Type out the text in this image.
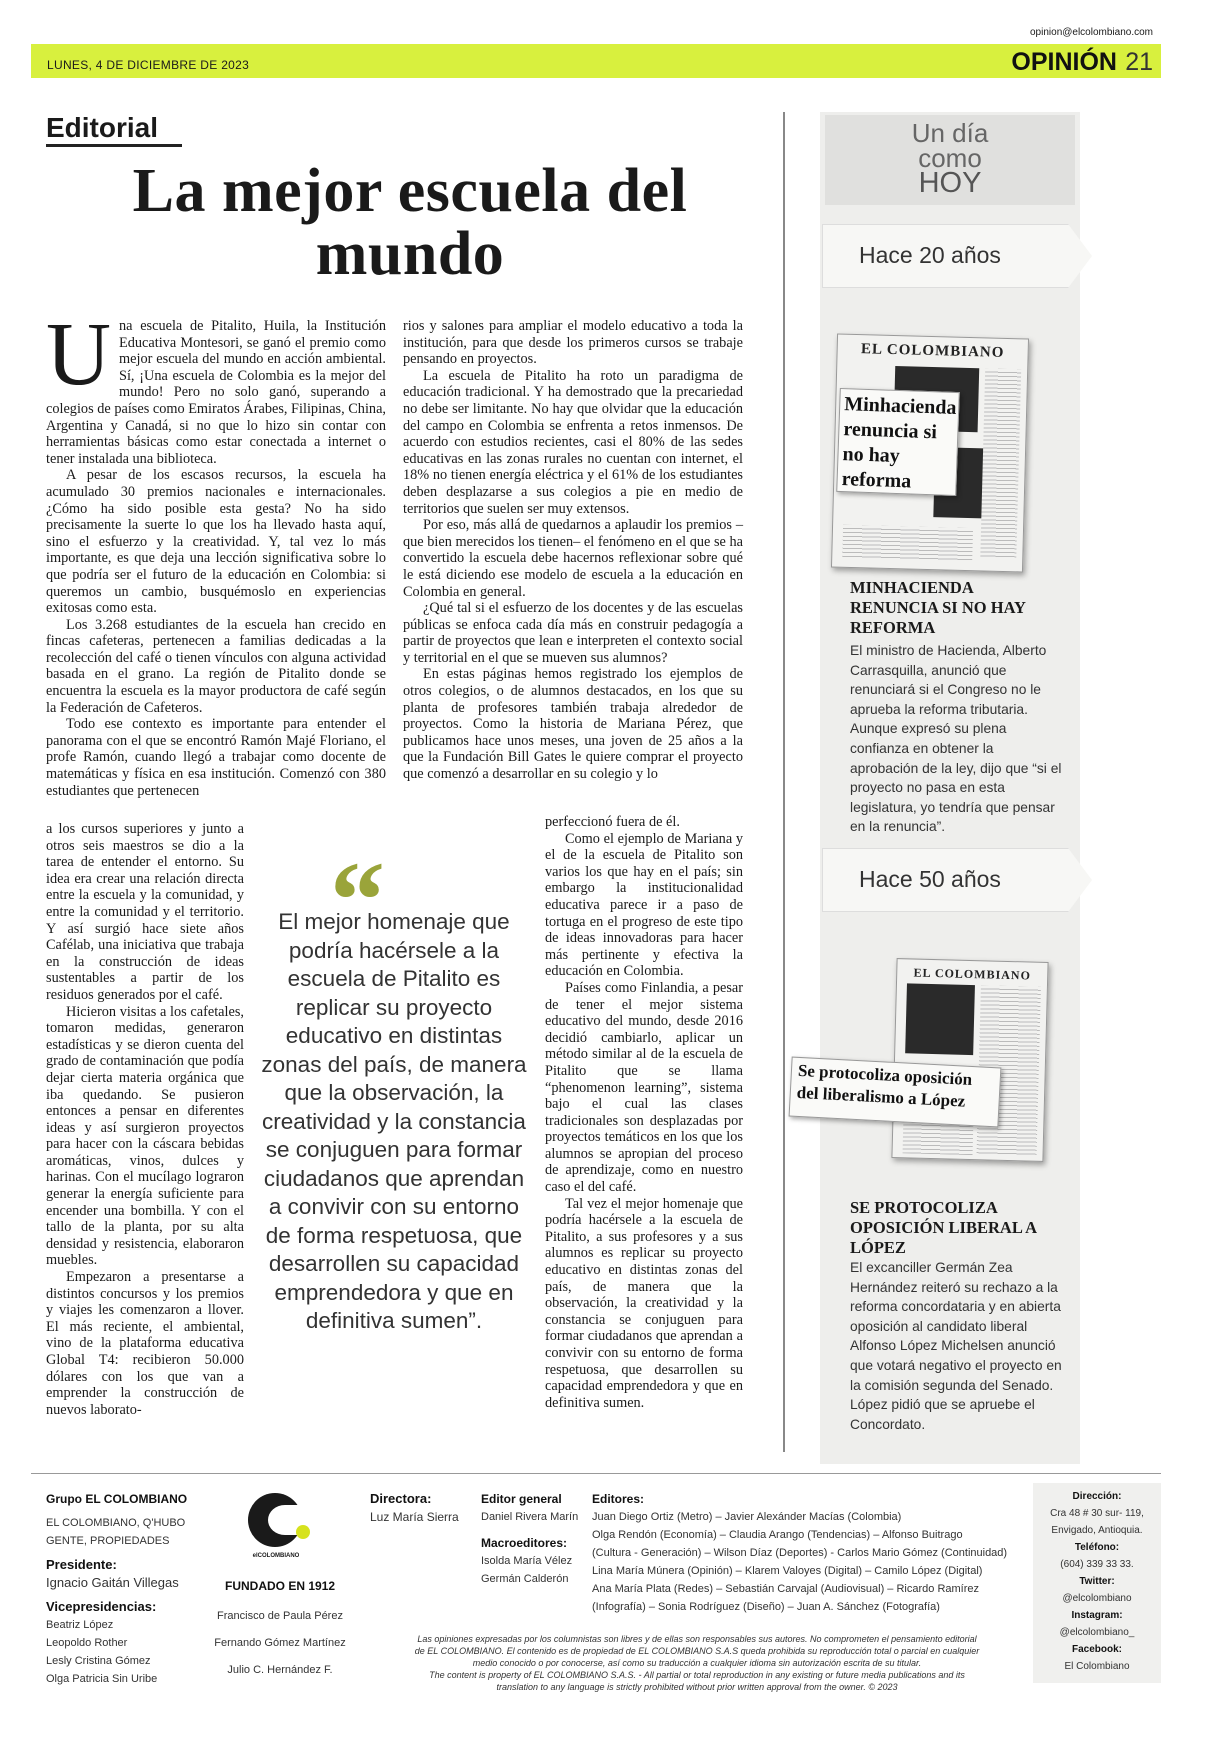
opinion@elcolombiano.com
LUNES, 4 DE DICIEMBRE DE 2023	OPINIÓN 21
Editorial
La mejor escuela del mundo

Una escuela de Pitalito, Huila, la Institución Educativa Montesori, se ganó el premio como mejor escuela del mundo en acción ambiental. Sí, ¡Una escuela de Colombia es la mejor del mundo! Pero no solo ganó, superando a colegios de países como Emiratos Árabes, Filipinas, China, Argentina y Canadá, si no que lo hizo sin contar con herramientas básicas como estar conectada a internet o tener instalada una biblioteca.

A pesar de los escasos recursos, la escuela ha acumulado 30 premios nacionales e internacionales. ¿Cómo ha sido posible esta gesta? No ha sido precisamente la suerte lo que los ha llevado hasta aquí, sino el esfuerzo y la creatividad. Y, tal vez lo más importante, es que deja una lección significativa sobre lo que podría ser el futuro de la educación en Colombia: si queremos un cambio, busquémoslo en experiencias exitosas como esta.

Los 3.268 estudiantes de la escuela han crecido en fincas cafeteras, pertenecen a familias dedicadas a la recolección del café o tienen vínculos con alguna actividad basada en el grano. La región de Pitalito donde se encuentra la escuela es la mayor productora de café según la Federación de Cafeteros.

Todo ese contexto es importante para entender el panorama con el que se encontró Ramón Majé Floriano, el profe Ramón, cuando llegó a trabajar como docente de matemáticas y física en esa institución. Comenzó con 380 estudiantes que pertenecen

a los cursos superiores y junto a otros seis maestros se dio a la tarea de entender el entorno. Su idea era crear una relación directa entre la escuela y la comunidad, y entre la comunidad y el territorio. Y así surgió hace siete años Cafélab, una iniciativa que trabaja en la construcción de ideas sustentables a partir de los residuos generados por el café.

Hicieron visitas a los cafetales, tomaron medidas, generaron estadísticas y se dieron cuenta del grado de contaminación que podía dejar cierta materia orgánica que iba quedando. Se pusieron entonces a pensar en diferentes ideas y así surgieron proyectos para hacer con la cáscara bebidas aromáticas, vinos, dulces y harinas. Con el mucílago lograron generar la energía suficiente para encender una bombilla. Y con el tallo de la planta, por su alta densidad y resistencia, elaboraron muebles.

Empezaron a presentarse a distintos concursos y los premios y viajes les comenzaron a llover. El más reciente, el ambiental, vino de la plataforma educativa Global T4: recibieron 50.000 dólares con los que van a emprender la construcción de nuevos laborato-

rios y salones para ampliar el modelo educativo a toda la institución, para que desde los primeros cursos se trabaje pensando en proyectos.

La escuela de Pitalito ha roto un paradigma de educación tradicional. Y ha demostrado que la precariedad no debe ser limitante. No hay que olvidar que la educación del campo en Colombia se enfrenta a retos inmensos. De acuerdo con estudios recientes, casi el 80% de las sedes educativas en las zonas rurales no cuentan con internet, el 18% no tienen energía eléctrica y el 61% de los estudiantes deben desplazarse a sus colegios a pie en medio de territorios que suelen ser muy extensos.

Por eso, más allá de quedarnos a aplaudir los premios –que bien merecidos los tienen– el fenómeno en el que se ha convertido la escuela debe hacernos reflexionar sobre qué le está diciendo ese modelo de escuela a la educación en Colombia en general.

¿Qué tal si el esfuerzo de los docentes y de las escuelas públicas se enfoca cada día más en construir pedagogía a partir de proyectos que lean e interpreten el contexto social y territorial en el que se mueven sus alumnos?

En estas páginas hemos registrado los ejemplos de otros colegios, o de alumnos destacados, en los que su planta de profesores también trabaja alrededor de proyectos. Como la historia de Mariana Pérez, que publicamos hace unos meses, una joven de 25 años a la que la Fundación Bill Gates le quiere comprar el proyecto que comenzó a desarrollar en su colegio y lo

perfeccionó fuera de él.

Como el ejemplo de Mariana y el de la escuela de Pitalito son varios los que hay en el país; sin embargo la institucionalidad educativa parece ir a paso de tortuga en el progreso de este tipo de ideas innovadoras para hacer más pertinente y efectiva la educación en Colombia.

Países como Finlandia, a pesar de tener el mejor sistema educativo del mundo, desde 2016 decidió cambiarlo, aplicar un método similar al de la escuela de Pitalito que se llama “phenomenon learning”, sistema bajo el cual las clases tradicionales son desplazadas por proyectos temáticos en los que los alumnos se apropian del proceso de aprendizaje, como en nuestro caso el del café.

Tal vez el mejor homenaje que podría hacérsele a la escuela de Pitalito, a sus profesores y a sus alumnos es replicar su proyecto educativo en distintas zonas del país, de manera que la observación, la creatividad y la constancia se conjuguen para formar ciudadanos que aprendan a convivir con su entorno de forma respetuosa, que desarrollen su capacidad emprendedora y que en definitiva sumen.

“
El mejor homenaje que podría hacérsele a la escuela de Pitalito es replicar su proyecto educativo en distintas zonas del país, de manera que la observación, la creatividad y la constancia se conjuguen para formar ciudadanos que aprendan a convivir con su entorno de forma respetuosa, que desarrollen su capacidad emprendedora y que en definitiva sumen”.
Un día
como
HOY
Hace 20 años
EL COLOMBIANO
Minhacienda renuncia si no hay reforma
MINHACIENDA RENUNCIA SI NO HAY REFORMA
El ministro de Hacienda, Alberto Carrasquilla, anunció que renunciará si el Congreso no le aprueba la reforma tributaria. Aunque expresó su plena confianza en obtener la aprobación de la ley, dijo que “si el proyecto no pasa en esta legislatura, yo tendría que pensar en la renuncia”.
Hace 50 años
EL COLOMBIANO
Se protocoliza oposición del liberalismo a López
SE PROTOCOLIZA OPOSICIÓN LIBERAL A LÓPEZ
El excanciller Germán Zea Hernández reiteró su rechazo a la reforma concordataria y en abierta oposición al candidato liberal Alfonso López Michelsen anunció que votará negativo el proyecto en la comisión segunda del Senado. López pidió que se apruebe el Concordato.
Grupo EL COLOMBIANO
EL COLOMBIANO, Q'HUBO
GENTE, PROPIEDADES
Presidente:
Ignacio Gaitán Villegas
Vicepresidencias:
Beatriz López
Leopoldo Rother
Lesly Cristina Gómez
Olga Patricia Sin Uribe
elCOLOMBIANO
FUNDADO EN 1912
Francisco de Paula Pérez
Fernando Gómez Martínez
Julio C. Hernández F.
Directora:
Luz María Sierra
Editor general
Daniel Rivera Marín
Macroeditores:
Isolda María Vélez
Germán Calderón
Editores:
Juan Diego Ortiz (Metro) – Javier Alexánder Macías (Colombia)
Olga Rendón (Economía) – Claudia Arango (Tendencias) – Alfonso Buitrago
(Cultura - Generación) – Wilson Díaz (Deportes) - Carlos Mario Gómez (Continuidad)
Lina María Múnera (Opinión) – Klarem Valoyes (Digital) – Camilo López (Digital)
Ana María Plata (Redes) – Sebastián Carvajal (Audiovisual) – Ricardo Ramírez
(Infografía) – Sonia Rodríguez (Diseño) – Juan A. Sánchez (Fotografía)
Las opiniones expresadas por los columnistas son libres y de ellas son responsables sus autores. No comprometen el pensamiento editorial
de EL COLOMBIANO. El contenido es de propiedad de EL COLOMBIANO S.A.S queda prohibida su reproducción total o parcial en cualquier
medio conocido o por conocerse, así como su traducción a cualquier idioma sin autorización escrita de su titular.
The content is property of EL COLOMBIANO S.A.S. - All partial or total reproduction in any existing or future media publications and its
translation to any language is strictly prohibited without prior written approval from the owner. © 2023
Dirección:
Cra 48 # 30 sur- 119,
Envigado, Antioquia.
Teléfono:
(604) 339 33 33.
Twitter:
@elcolombiano
Instagram:
@elcolombiano_
Facebook:
El Colombiano
